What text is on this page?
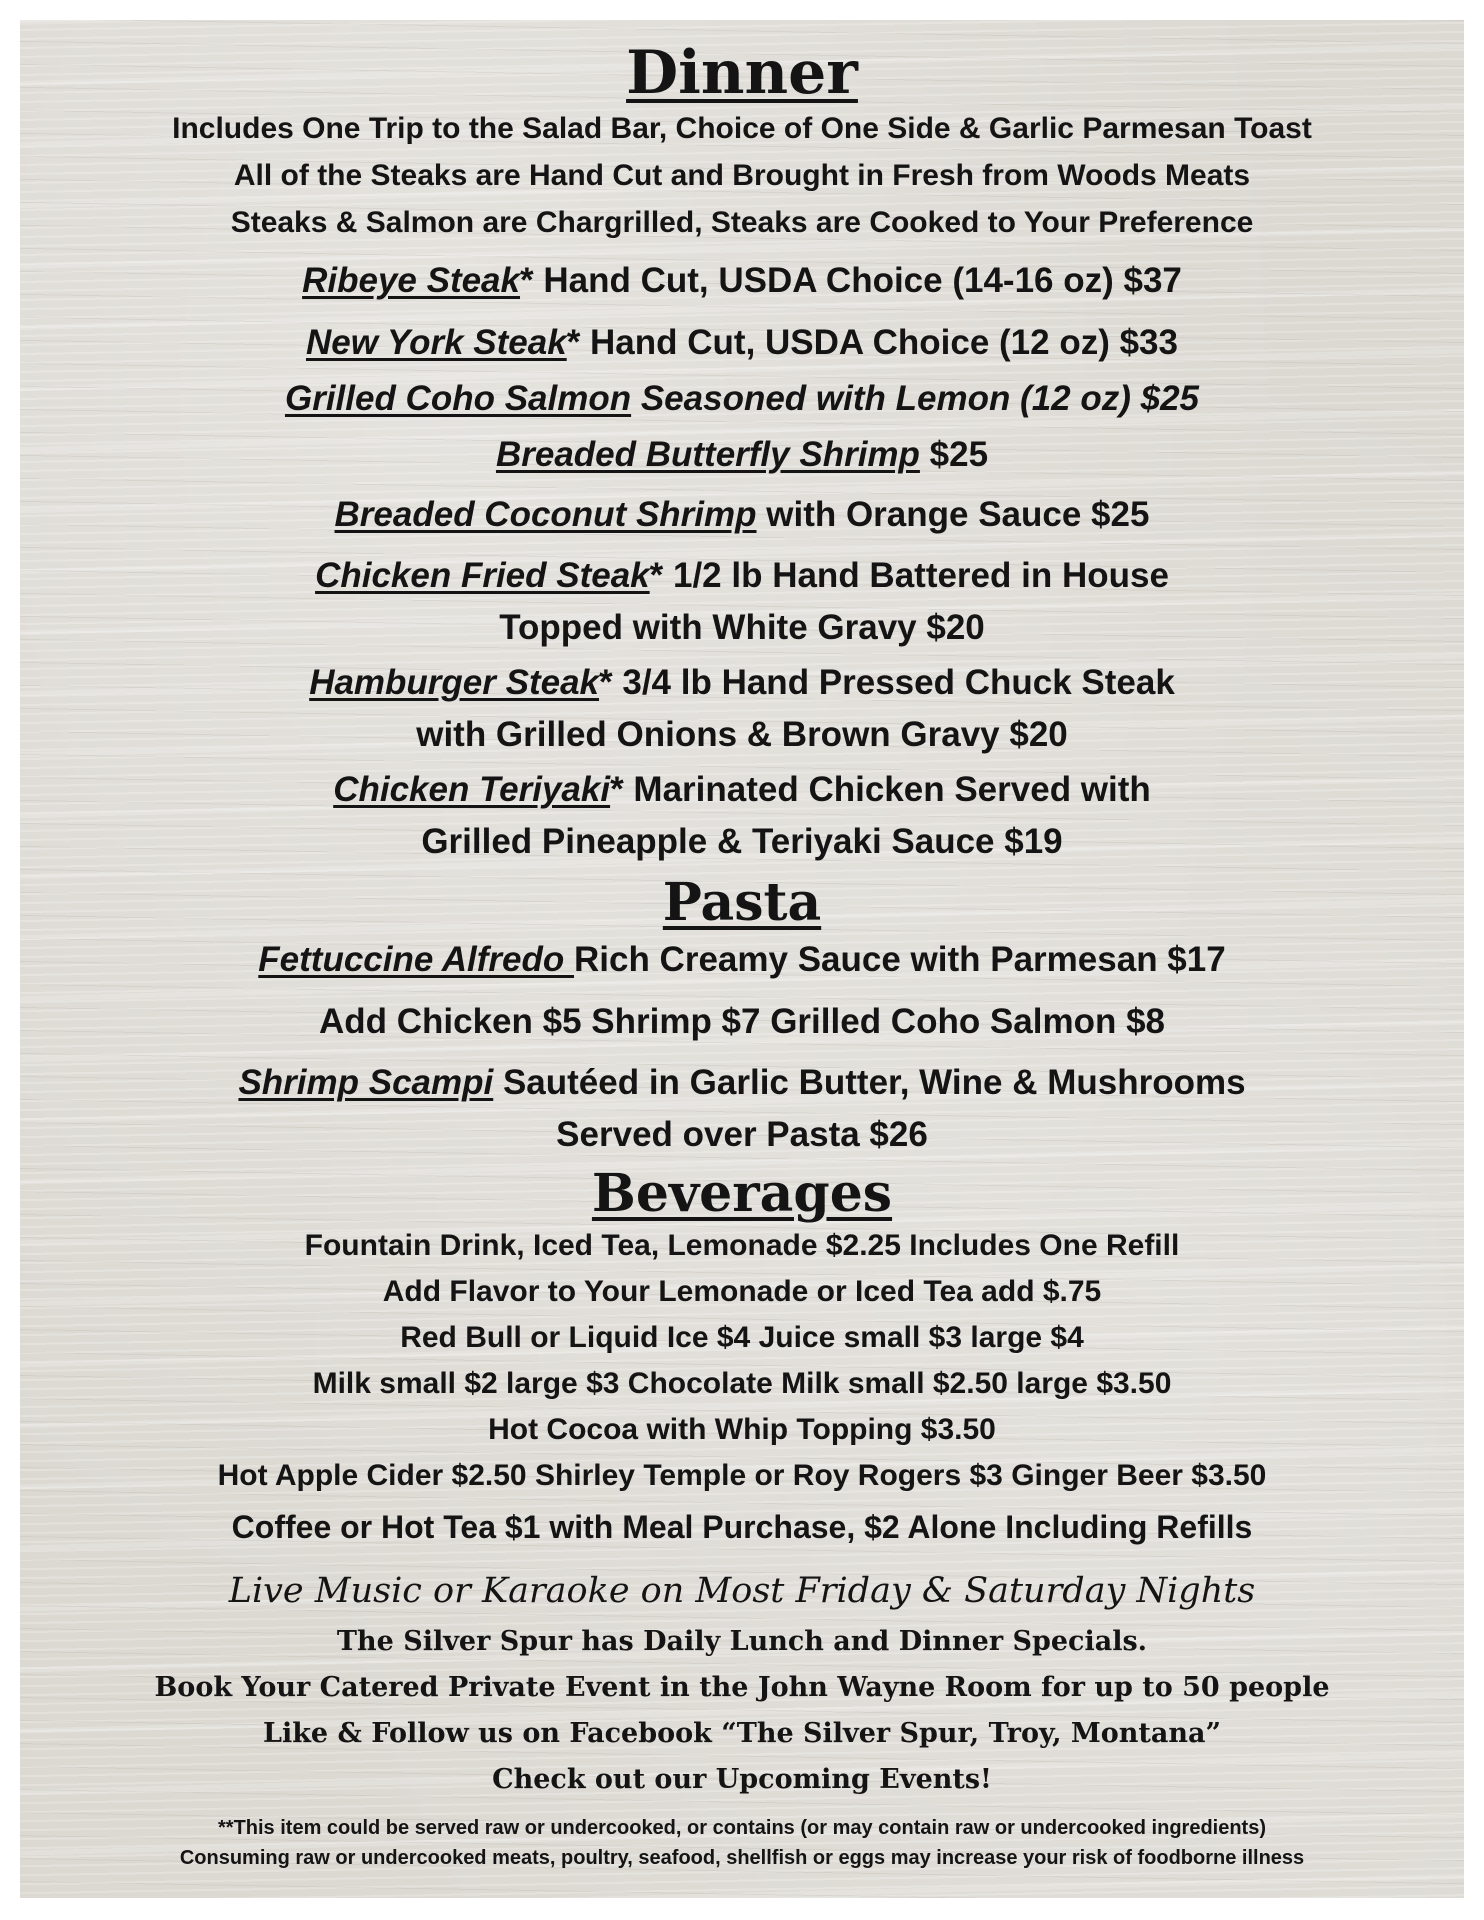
Dinner
Includes One Trip to the Salad Bar, Choice of One Side & Garlic Parmesan Toast
All of the Steaks are Hand Cut and Brought in Fresh from Woods Meats
Steaks & Salmon are Chargrilled, Steaks are Cooked to Your Preference
Ribeye Steak* Hand Cut, USDA Choice (14-16 oz) $37
New York Steak* Hand Cut, USDA Choice (12 oz) $33
Grilled Coho Salmon Seasoned with Lemon (12 oz) $25
Breaded Butterfly Shrimp $25
Breaded Coconut Shrimp with Orange Sauce $25
Chicken Fried Steak* 1/2 lb Hand Battered in House
Topped with White Gravy $20
Hamburger Steak* 3/4 lb Hand Pressed Chuck Steak
with Grilled Onions & Brown Gravy $20
Chicken Teriyaki* Marinated Chicken Served with
Grilled Pineapple & Teriyaki Sauce $19
Pasta
Fettuccine Alfredo Rich Creamy Sauce with Parmesan $17
Add Chicken $5 Shrimp $7 Grilled Coho Salmon $8
Shrimp Scampi Sautéed in Garlic Butter, Wine & Mushrooms
Served over Pasta $26
Beverages
Fountain Drink, Iced Tea, Lemonade $2.25 Includes One Refill
Add Flavor to Your Lemonade or Iced Tea add $.75
Red Bull or Liquid Ice $4 Juice small $3 large $4
Milk small $2 large $3 Chocolate Milk small $2.50 large $3.50
Hot Cocoa with Whip Topping $3.50
Hot Apple Cider $2.50 Shirley Temple or Roy Rogers $3 Ginger Beer $3.50
Coffee or Hot Tea $1 with Meal Purchase, $2 Alone Including Refills
Live Music or Karaoke on Most Friday & Saturday Nights
The Silver Spur has Daily Lunch and Dinner Specials.
Book Your Catered Private Event in the John Wayne Room for up to 50 people
Like & Follow us on Facebook “The Silver Spur, Troy, Montana”
Check out our Upcoming Events!
**This item could be served raw or undercooked, or contains (or may contain raw or undercooked ingredients)
Consuming raw or undercooked meats, poultry, seafood, shellfish or eggs may increase your risk of foodborne illness
